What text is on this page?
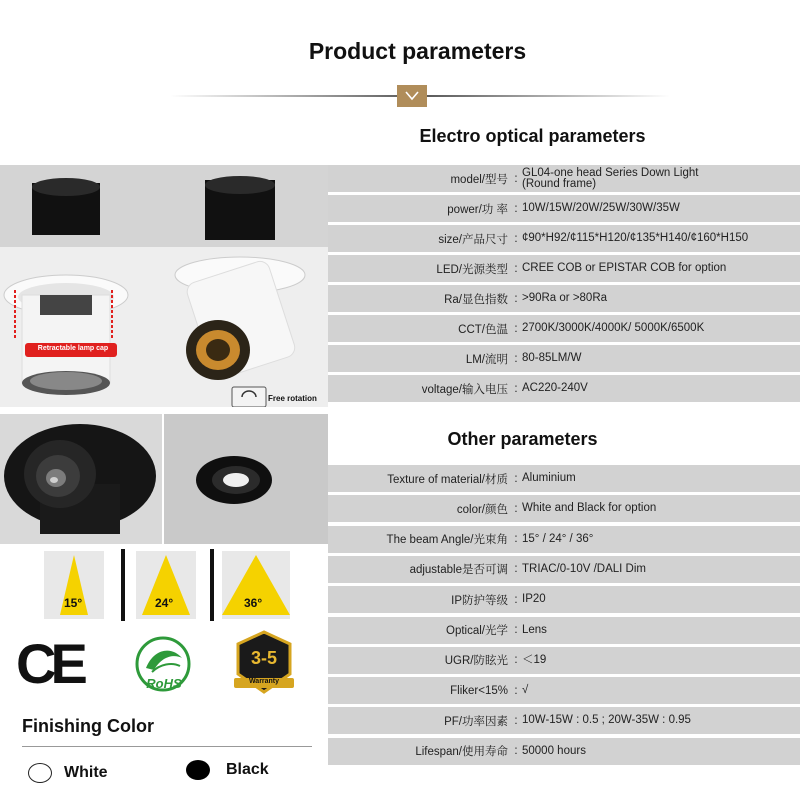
Product parameters
Electro optical parameters
model/型号 : GL04-one head Series Down Light
(Round frame)
power/功 率 : 10W/15W/20W/25W/30W/35W
size/产品尺寸 : ¢90*H92/¢115*H120/¢135*H140/¢160*H150
LED/光源类型 : CREE COB or EPISTAR COB for option
Ra/显色指数 : >90Ra or >80Ra
CCT/色温 : 2700K/3000K/4000K/ 5000K/6500K
LM/流明 : 80-85LM/W
voltage/输入电压 : AC220-240V
Other parameters
Texture of material/材质 : Aluminium
color/颜色 : White and Black for option
The beam Angle/光束角 : 15° / 24° / 36°
adjustable是否可调 : TRIAC/0-10V /DALI Dim
IP防护等级 : IP20
Optical/光学 : Lens
UGR/防眩光 : ＜19
Fliker<15% : √
PF/功率因素 : 10W-15W : 0.5 ; 20W-35W : 0.95
Lifespan/使用寿命 : 50000 hours
Retractable lamp cap
Free rotation
15°	24°	36°
CE	RoHS
3-5
Warranty
Finishing Color
White	Black
